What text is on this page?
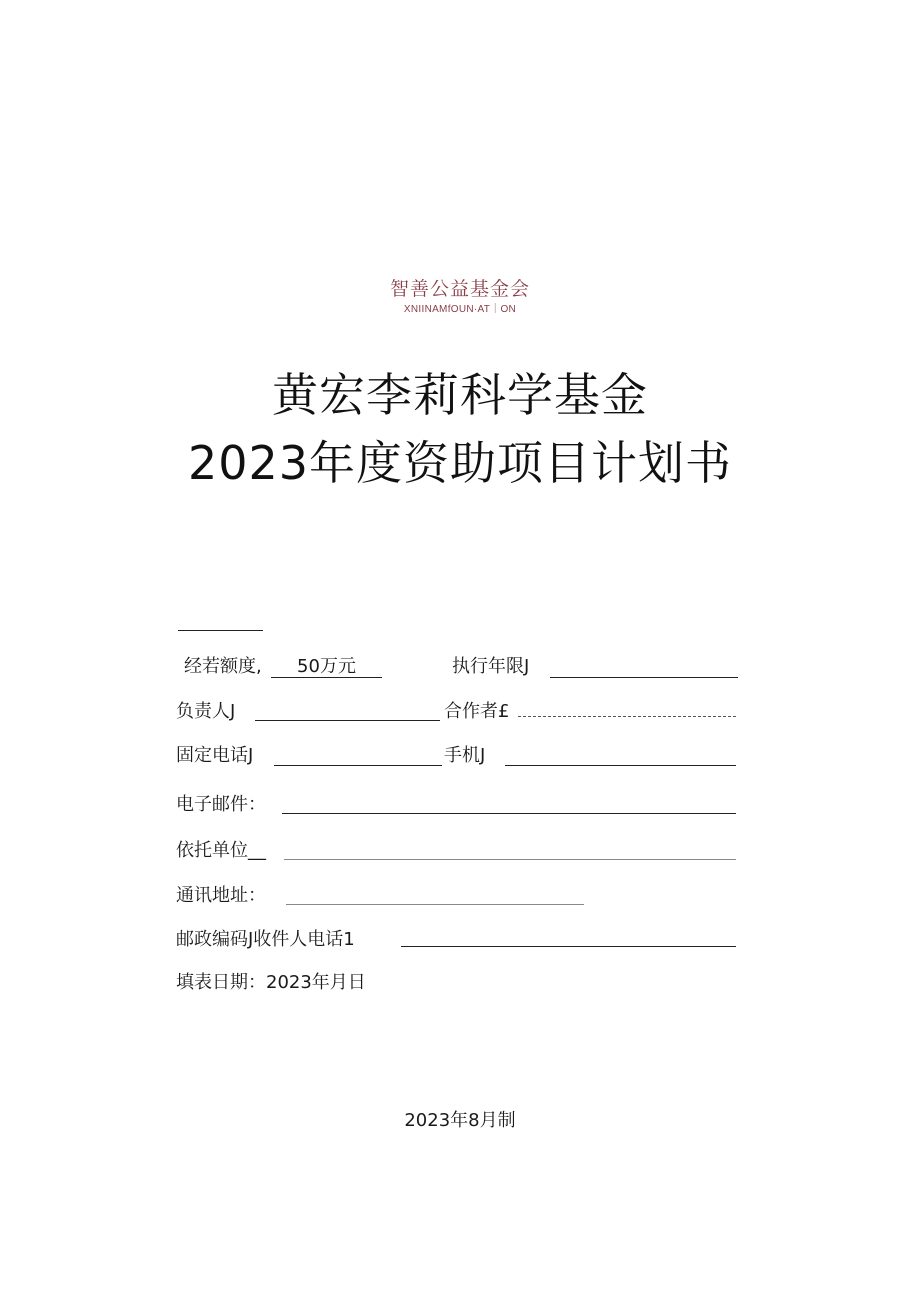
智善公益基金会
XNIINAMfOUN·AT｜ON
黄宏李莉科学基金
2023年度资助项目计划书
经若额度,	50万元	执行年限J
负责人J	合作者£
固定电话J	手机J
电子邮件：
依托单位__
通讯地址：
邮政编码J收件人电话1
填表日期：2023年月日
2023年8月制
